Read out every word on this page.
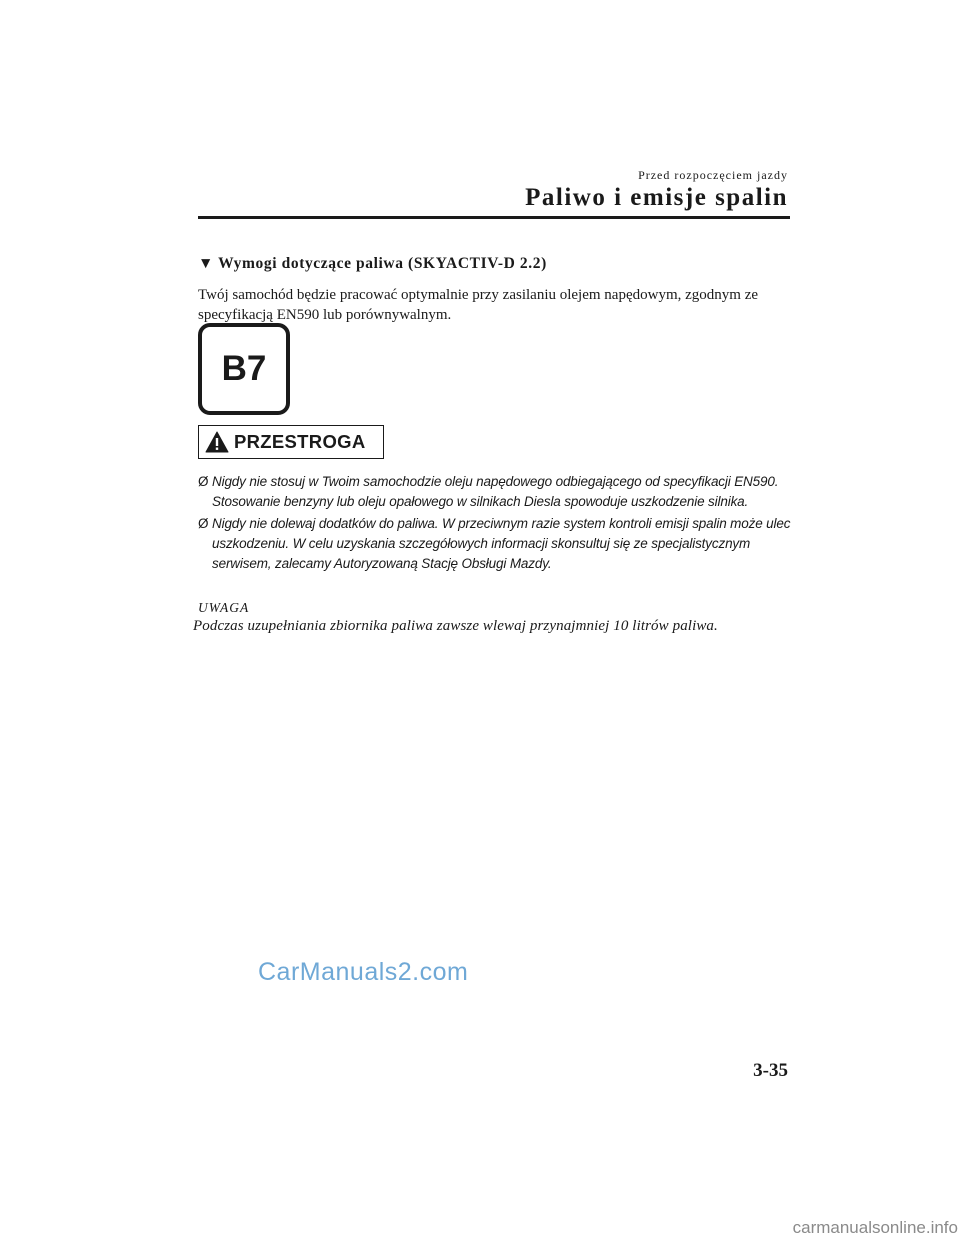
Przed rozpoczęciem jazdy
Paliwo i emisje spalin
▼ Wymogi dotyczące paliwa (SKYACTIV-D 2.2)
Twój samochód będzie pracować optymalnie przy zasilaniu olejem napędowym, zgodnym ze specyfikacją EN590 lub porównywalnym.
B7
PRZESTROGA
Ø Nigdy nie stosuj w Twoim samochodzie oleju napędowego odbiegającego od specyfikacji EN590. Stosowanie benzyny lub oleju opałowego w silnikach Diesla spowoduje uszkodzenie silnika.
Ø Nigdy nie dolewaj dodatków do paliwa. W przeciwnym razie system kontroli emisji spalin może ulec uszkodzeniu. W celu uzyskania szczegółowych informacji skonsultuj się ze specjalistycznym serwisem, zalecamy Autoryzowaną Stację Obsługi Mazdy.
UWAGA
Podczas uzupełniania zbiornika paliwa zawsze wlewaj przynajmniej 10 litrów paliwa.
CarManuals2.com
3-35
carmanualsonline.info
